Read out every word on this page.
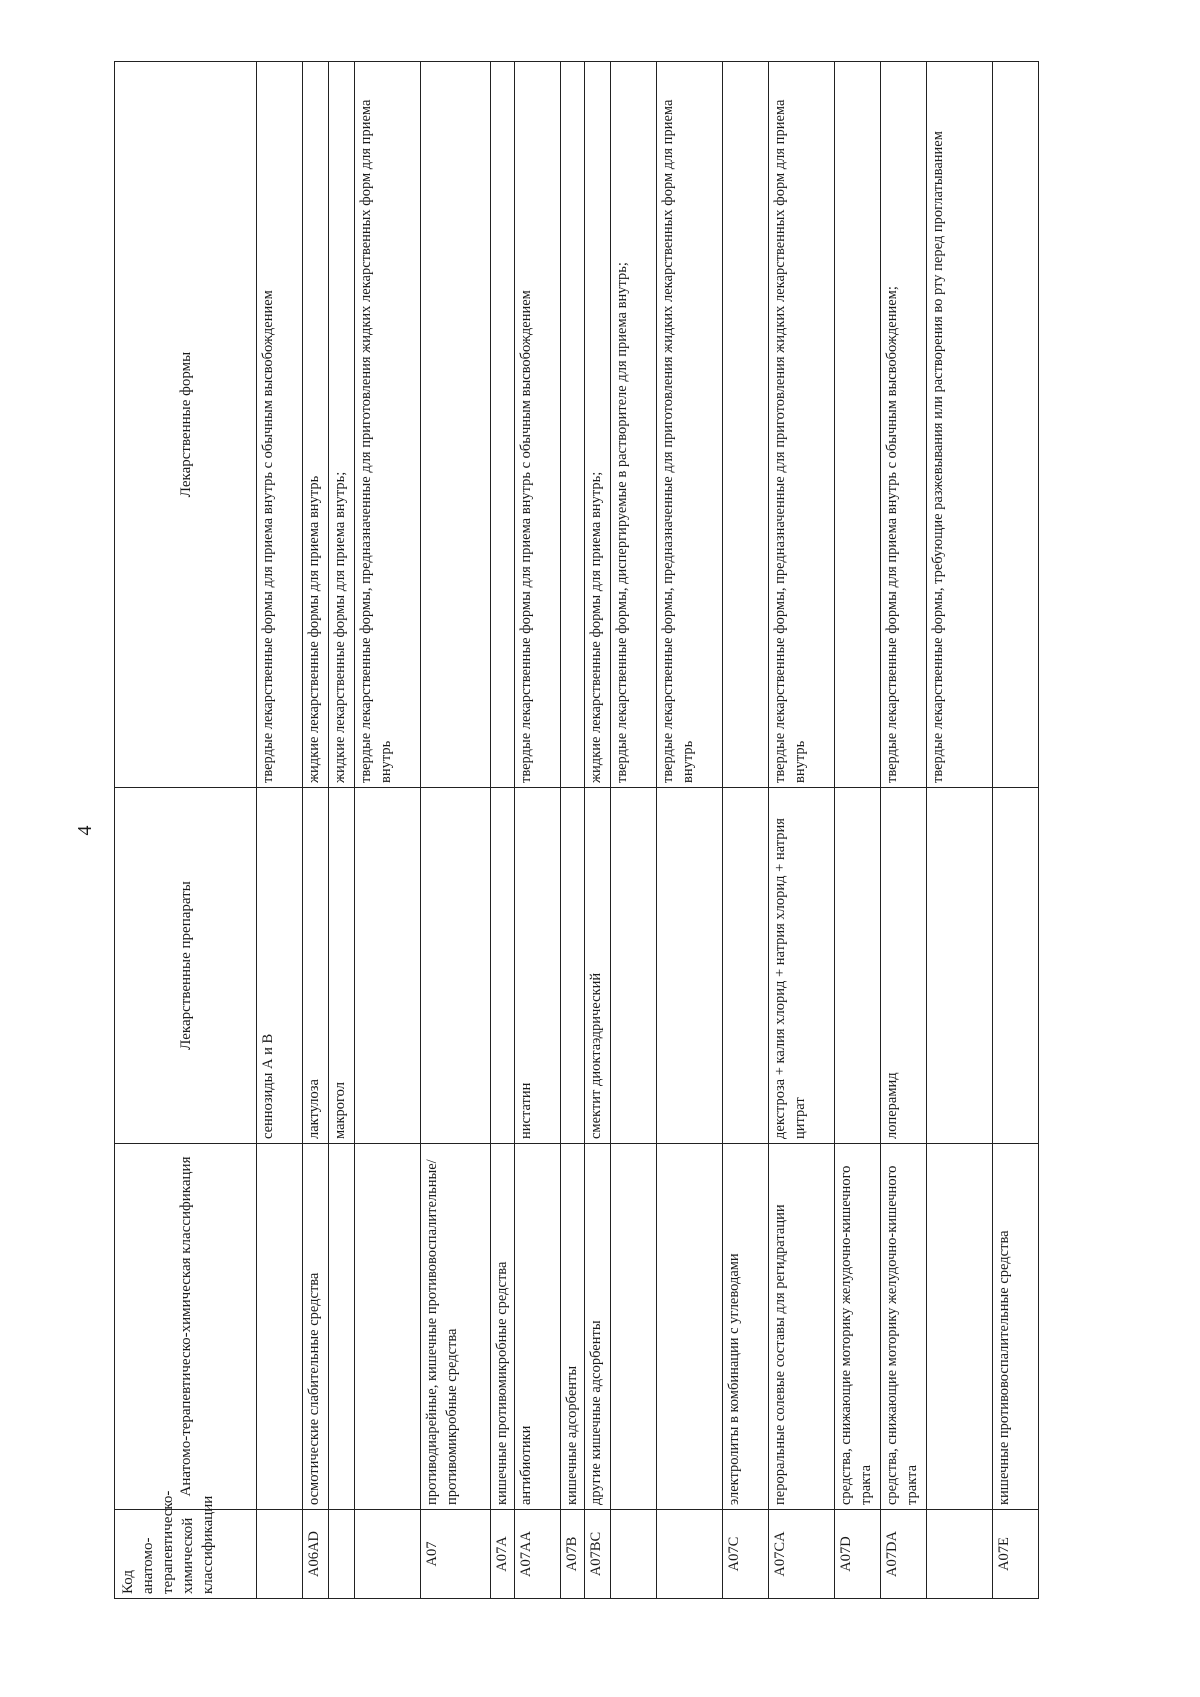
4
Код анатомо-терапевтическо-химической классификации	Анатомо-терапевтическо-химическая классификация	Лекарственные препараты	Лекарственные формы
		сеннозиды А и В	твердые лекарственные формы для приема внутрь с обычным высвобождением
A06AD	осмотические слабительные средства	лактулоза	жидкие лекарственные формы для приема внутрь
		макрогол	жидкие лекарственные формы для приема внутрь;
			твердые лекарственные формы, предназначенные для приготовления жидких лекарственных форм для приема внутрь
A07	противодиарейные, кишечные противовоспалительные/противомикробные средства		
A07A	кишечные противомикробные средства		
A07AA	антибиотики	нистатин	твердые лекарственные формы для приема внутрь с обычным высвобождением
A07B	кишечные адсорбенты		
A07BC	другие кишечные адсорбенты	смектит диоктаэдрический	жидкие лекарственные формы для приема внутрь;
			твердые лекарственные формы, диспергируемые в растворителе для приема внутрь;
			твердые лекарственные формы, предназначенные для приготовления жидких лекарственных форм для приема внутрь
A07C	электролиты в комбинации с углеводами		
A07CA	пероральные солевые составы для регидратации	декстроза + калия хлорид + натрия хлорид + натрия цитрат	твердые лекарственные формы, предназначенные для приготовления жидких лекарственных форм для приема внутрь
A07D	средства, снижающие моторику желудочно-кишечного тракта		
A07DA	средства, снижающие моторику желудочно-кишечного тракта	лоперамид	твердые лекарственные формы для приема внутрь с обычным высвобождением;
			твердые лекарственные формы, требующие разжевывания или растворения во рту перед проглатыванием
A07E	кишечные противовоспалительные средства		
